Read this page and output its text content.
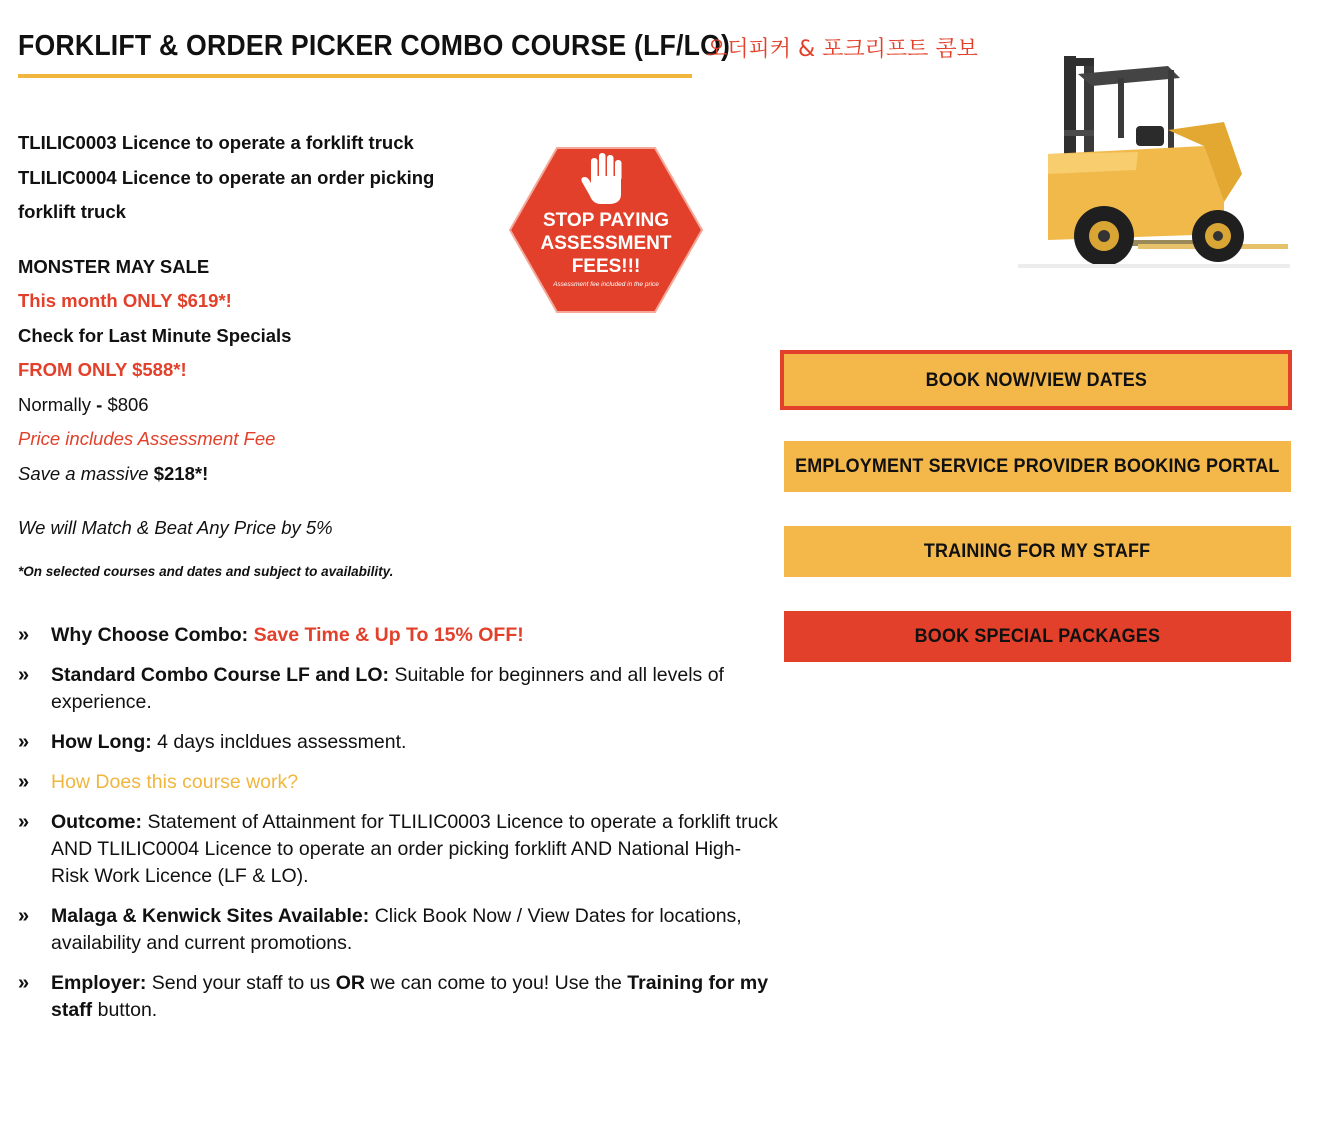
FORKLIFT & ORDER PICKER COMBO COURSE (LF/LO)
오더피커 & 포크리프트 콤보
TLILIC0003 Licence to operate a forklift truck
TLILIC0004 Licence to operate an order picking
forklift truck
MONSTER MAY SALE
This month ONLY $619*!
Check for Last Minute Specials
FROM ONLY $588*!
Normally - $806
Price includes Assessment Fee
Save a massive $218*!
We will Match & Beat Any Price by 5%
*On selected courses and dates and subject to availability.
STOP PAYING
ASSESSMENT
FEES!!!
Assessment fee included in the price
BOOK NOW/VIEW DATES
EMPLOYMENT SERVICE PROVIDER BOOKING PORTAL
TRAINING FOR MY STAFF
BOOK SPECIAL PACKAGES
» Why Choose Combo: Save Time & Up To 15% OFF!
» Standard Combo Course LF and LO: Suitable for beginners and all levels of experience.
» How Long: 4 days incldues assessment.
» How Does this course work?
» Outcome: Statement of Attainment for TLILIC0003 Licence to operate a forklift truck AND TLILIC0004 Licence to operate an order picking forklift AND National High-Risk Work Licence (LF & LO).
» Malaga & Kenwick Sites Available: Click Book Now / View Dates for locations, availability and current promotions.
» Employer: Send your staff to us OR we can come to you! Use the Training for my staff button.
